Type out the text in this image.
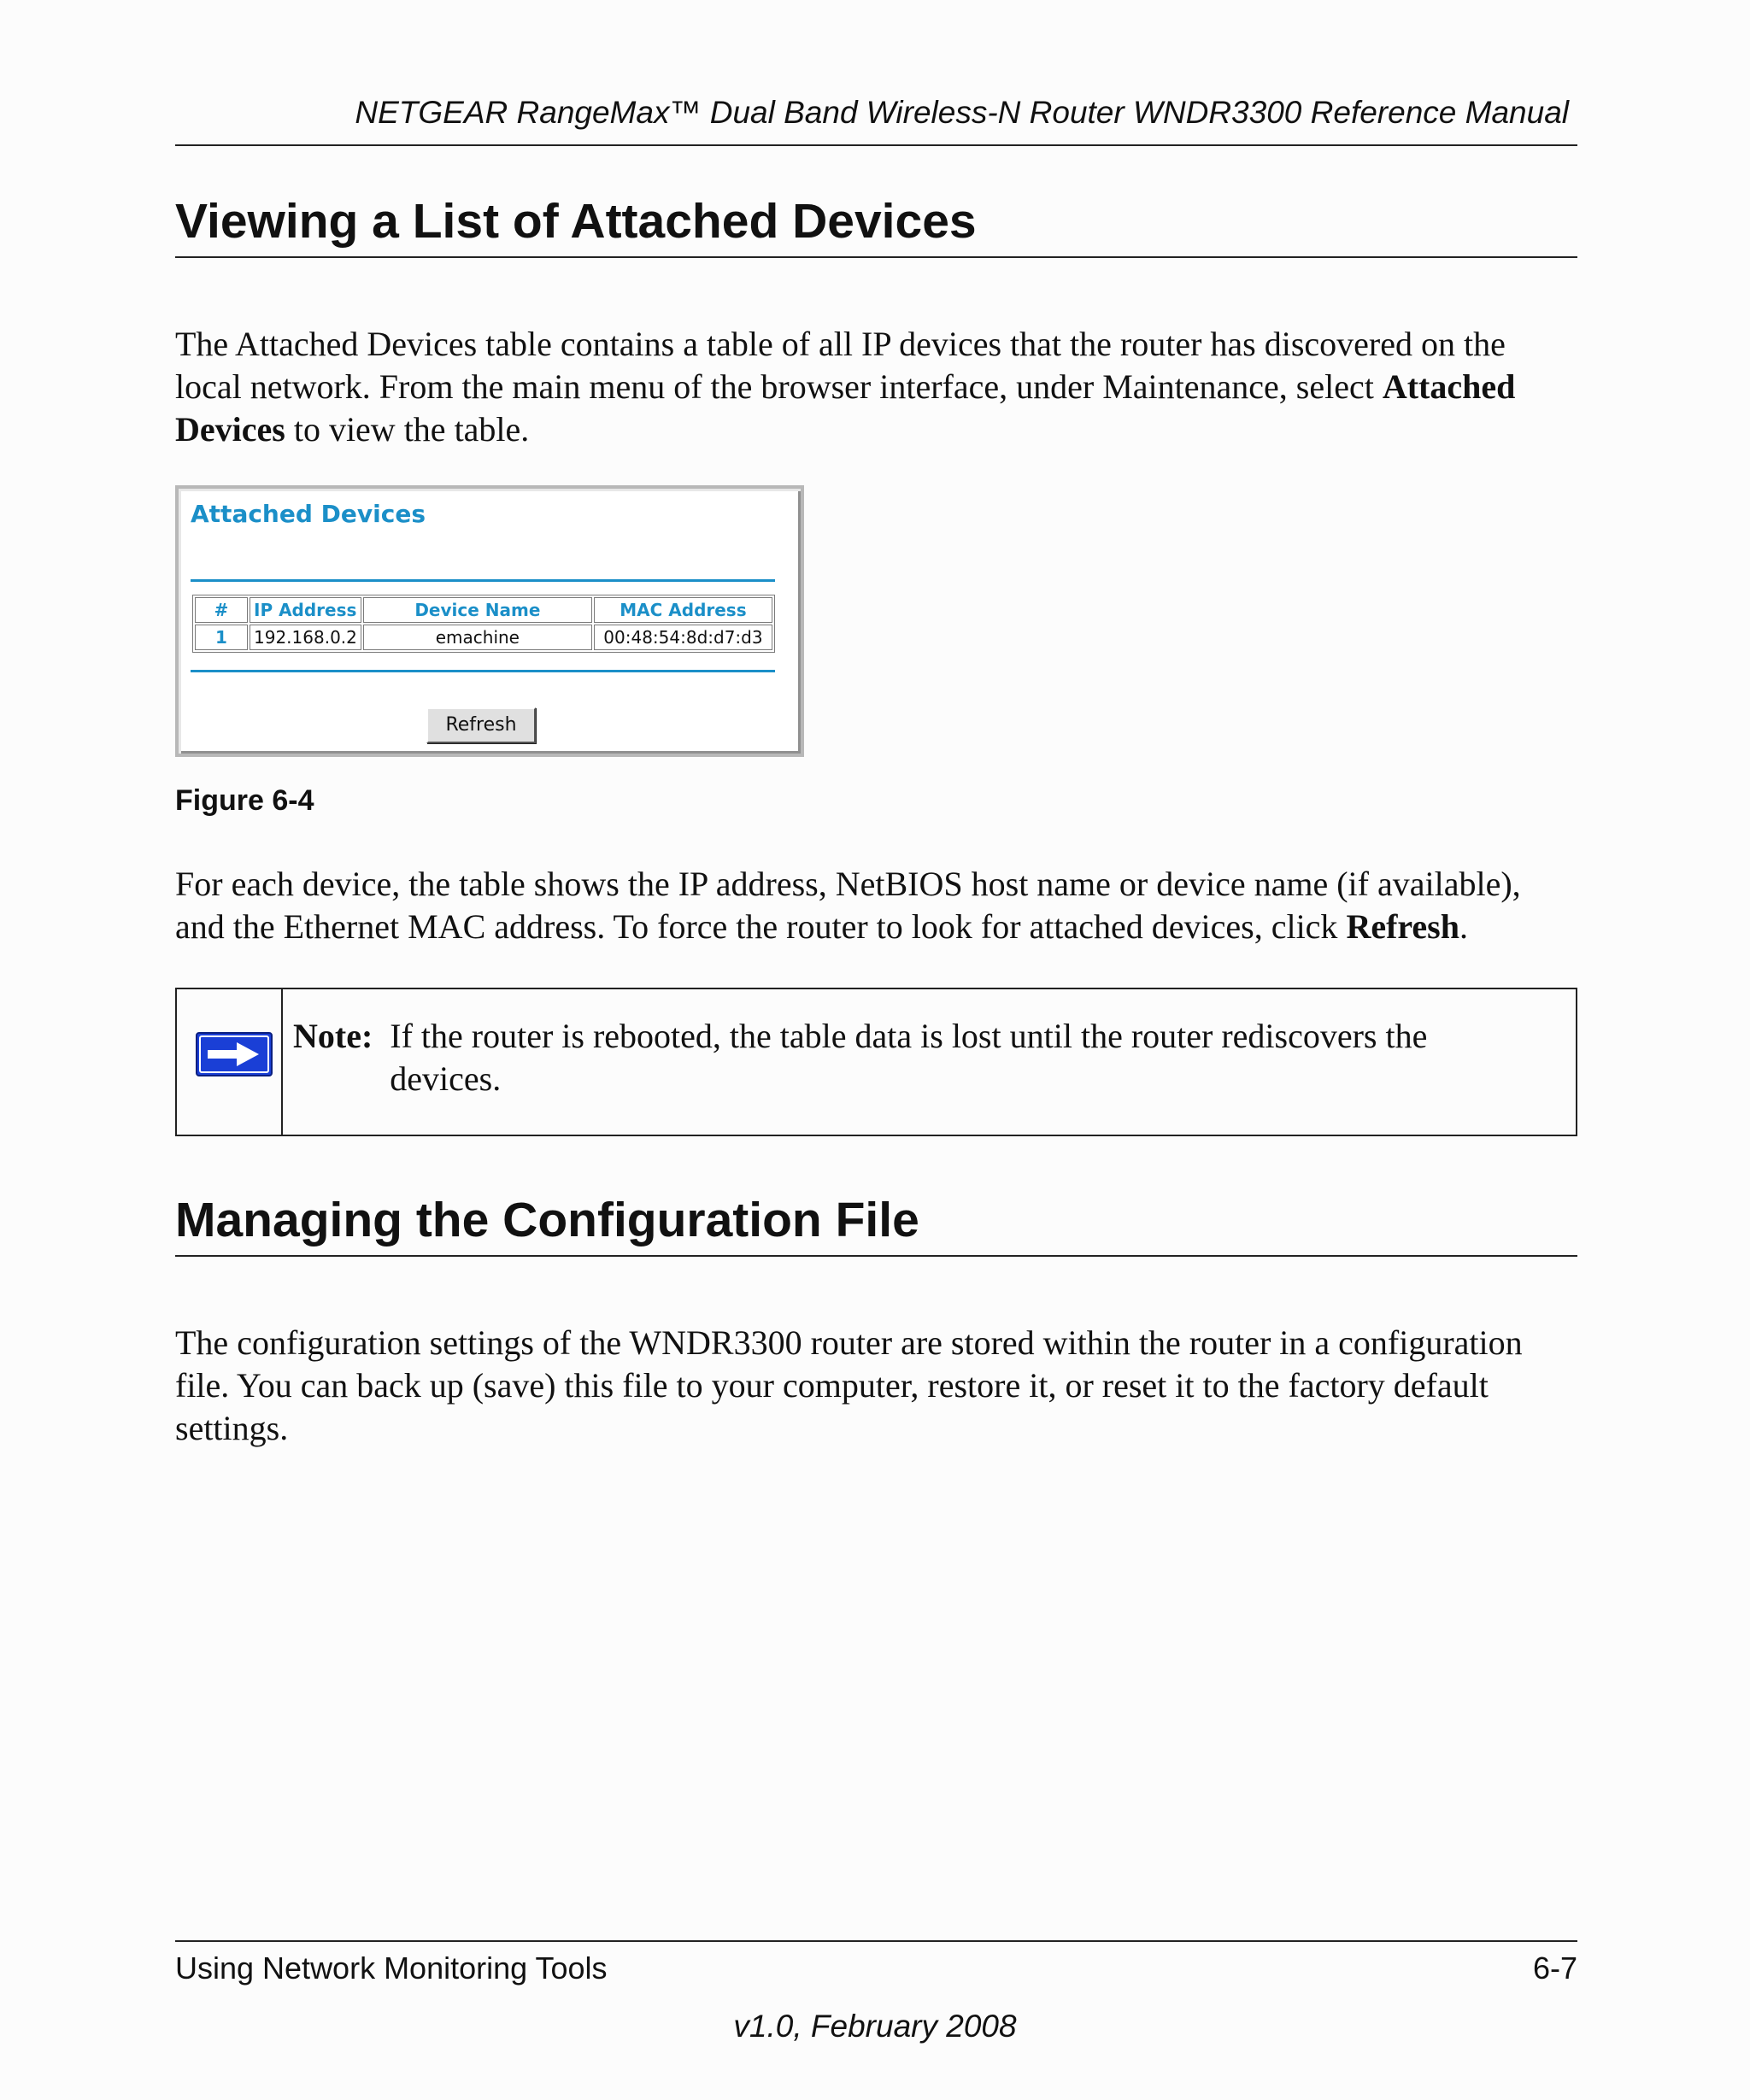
NETGEAR RangeMax™ Dual Band Wireless-N Router WNDR3300 Reference Manual
Viewing a List of Attached Devices

The Attached Devices table contains a table of all IP devices that the router has discovered on the local network. From the main menu of the browser interface, under Maintenance, select Attached Devices to view the table.

Attached Devices
#	IP Address	Device Name	MAC Address
1	192.168.0.2	emachine	00:48:54:8d:d7:d3
Refresh
Figure 6-4

For each device, the table shows the IP address, NetBIOS host name or device name (if available), and the Ethernet MAC address. To force the router to look for attached devices, click Refresh.

Note: If the router is rebooted, the table data is lost until the router rediscovers the devices.
Managing the Configuration File
The configuration settings of the WNDR3300 router are stored within the router in a configuration file. You can back up (save) this file to your computer, restore it, or reset it to the factory default settings.
Using Network Monitoring Tools	6-7
v1.0, February 2008
